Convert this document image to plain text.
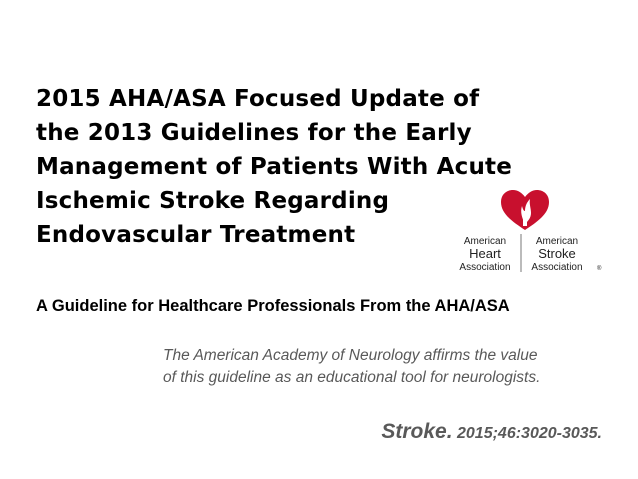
2015 AHA/ASA Focused Update of
the 2013 Guidelines for the Early
Management of Patients With Acute
Ischemic Stroke Regarding
Endovascular Treatment	American
Heart
Association
American
Stroke
Association ®
A Guideline for Healthcare Professionals From the AHA/ASA
The American Academy of Neurology affirms the value
of this guideline as an educational tool for neurologists.
Stroke. 2015;46:3020-3035.
